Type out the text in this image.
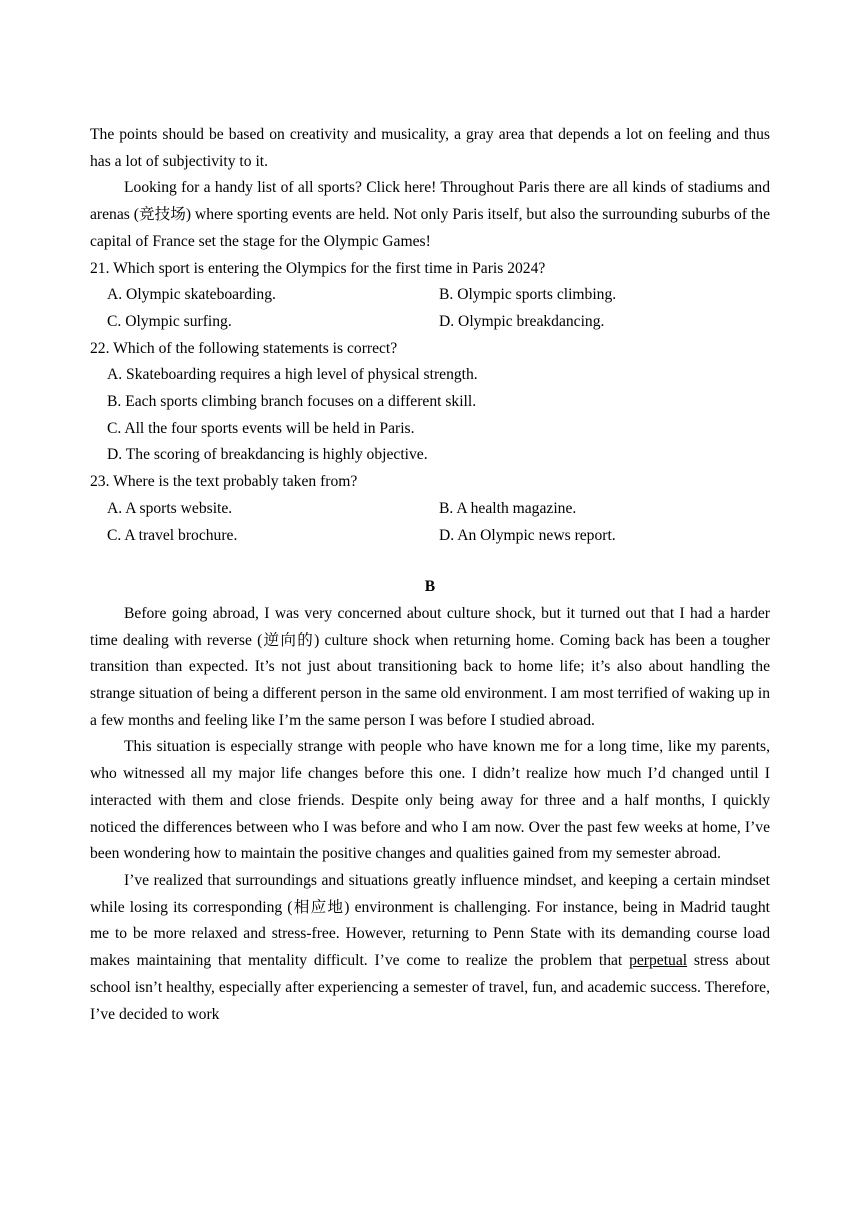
The points should be based on creativity and musicality, a gray area that depends a lot on feeling and thus has a lot of subjectivity to it.

Looking for a handy list of all sports? Click here! Throughout Paris there are all kinds of stadiums and arenas (竞技场) where sporting events are held. Not only Paris itself, but also the surrounding suburbs of the capital of France set the stage for the Olympic Games!

21. Which sport is entering the Olympics for the first time in Paris 2024?

A. Olympic skateboarding.	B. Olympic sports climbing.

C. Olympic surfing.	D. Olympic breakdancing.

22. Which of the following statements is correct?

A. Skateboarding requires a high level of physical strength.

B. Each sports climbing branch focuses on a different skill.

C. All the four sports events will be held in Paris.

D. The scoring of breakdancing is highly objective.

23. Where is the text probably taken from?

A. A sports website.	B. A health magazine.

C. A travel brochure.	D. An Olympic news report.

B

Before going abroad, I was very concerned about culture shock, but it turned out that I had a harder time dealing with reverse (逆向的) culture shock when returning home. Coming back has been a tougher transition than expected. It’s not just about transitioning back to home life; it’s also about handling the strange situation of being a different person in the same old environment. I am most terrified of waking up in a few months and feeling like I’m the same person I was before I studied abroad.

This situation is especially strange with people who have known me for a long time, like my parents, who witnessed all my major life changes before this one. I didn’t realize how much I’d changed until I interacted with them and close friends. Despite only being away for three and a half months, I quickly noticed the differences between who I was before and who I am now. Over the past few weeks at home, I’ve been wondering how to maintain the positive changes and qualities gained from my semester abroad.

I’ve realized that surroundings and situations greatly influence mindset, and keeping a certain mindset while losing its corresponding (相应地) environment is challenging. For instance, being in Madrid taught me to be more relaxed and stress-free. However, returning to Penn State with its demanding course load makes maintaining that mentality difficult. I’ve come to realize the problem that perpetual stress about school isn’t healthy, especially after experiencing a semester of travel, fun, and academic success. Therefore, I’ve decided to work
